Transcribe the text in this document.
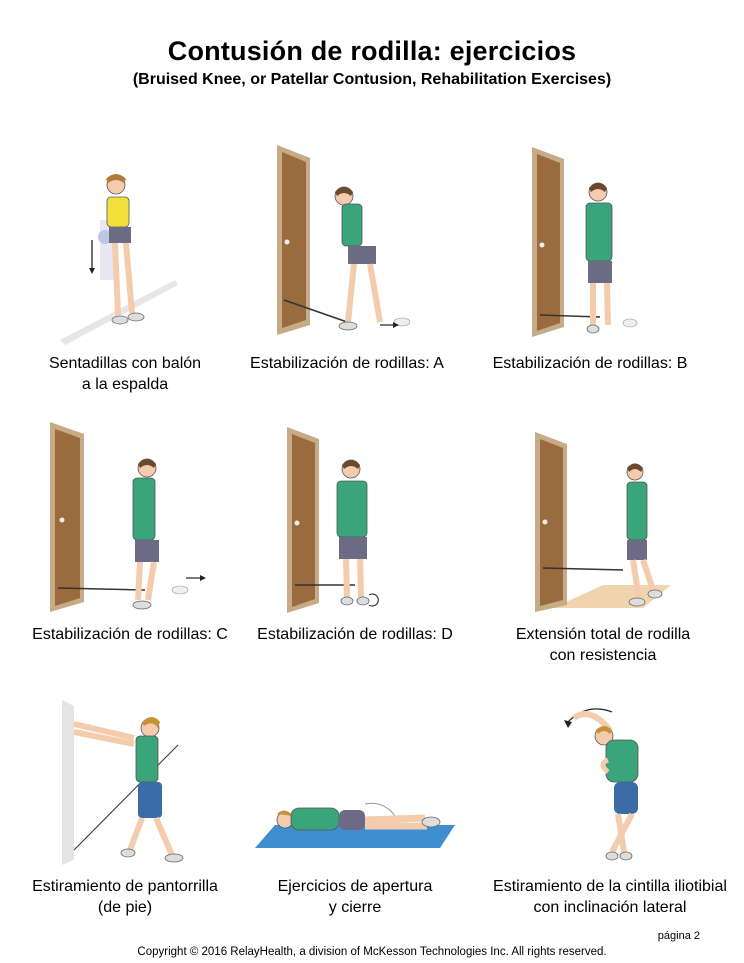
Contusión de rodilla: ejercicios
(Bruised Knee, or Patellar Contusion, Rehabilitation Exercises)
Sentadillas con balón
a la espalda
Estabilización de rodillas: A	Estabilización de rodillas: B
Estabilización de rodillas: C	Estabilización de rodillas: D	Extensión total de rodilla
con resistencia
Estiramiento de pantorrilla
(de pie)
Ejercicios de apertura
y cierre
Estiramiento de la cintilla iliotibial
con inclinación lateral
página 2
Copyright © 2016 RelayHealth, a division of McKesson Technologies Inc. All rights reserved.
